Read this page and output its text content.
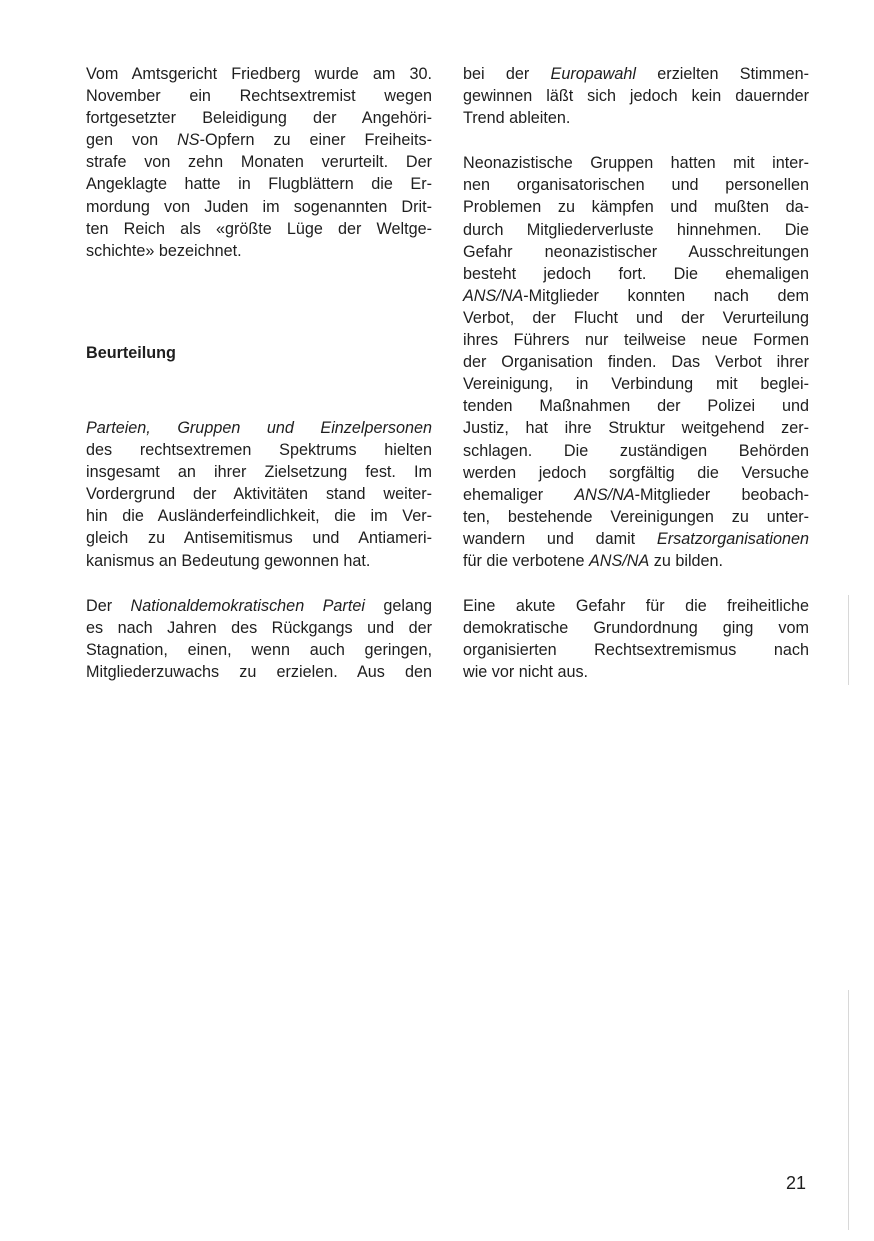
Vom Amtsgericht Friedberg wurde am 30.
November ein Rechtsextremist wegen
fortgesetzter Beleidigung der Angehöri-
gen von NS-Opfern zu einer Freiheits-
strafe von zehn Monaten verurteilt. Der
Angeklagte hatte in Flugblättern die Er-
mordung von Juden im sogenannten Drit-
ten Reich als «größte Lüge der Weltge-
schichte» bezeichnet.

Beurteilung

Parteien, Gruppen und Einzelpersonen
des rechtsextremen Spektrums hielten
insgesamt an ihrer Zielsetzung fest. Im
Vordergrund der Aktivitäten stand weiter-
hin die Ausländerfeindlichkeit, die im Ver-
gleich zu Antisemitismus und Antiameri-
kanismus an Bedeutung gewonnen hat.

Der Nationaldemokratischen Partei gelang
es nach Jahren des Rückgangs und der
Stagnation, einen, wenn auch geringen,
Mitgliederzuwachs zu erzielen. Aus den

bei der Europawahl erzielten Stimmen-
gewinnen läßt sich jedoch kein dauernder
Trend ableiten.

Neonazistische Gruppen hatten mit inter-
nen organisatorischen und personellen
Problemen zu kämpfen und mußten da-
durch Mitgliederverluste hinnehmen. Die
Gefahr neonazistischer Ausschreitungen
besteht jedoch fort. Die ehemaligen
ANS/NA-Mitglieder konnten nach dem
Verbot, der Flucht und der Verurteilung
ihres Führers nur teilweise neue Formen
der Organisation finden. Das Verbot ihrer
Vereinigung, in Verbindung mit beglei-
tenden Maßnahmen der Polizei und
Justiz, hat ihre Struktur weitgehend zer-
schlagen. Die zuständigen Behörden
werden jedoch sorgfältig die Versuche
ehemaliger ANS/NA-Mitglieder beobach-
ten, bestehende Vereinigungen zu unter-
wandern und damit Ersatzorganisationen
für die verbotene ANS/NA zu bilden.

Eine akute Gefahr für die freiheitliche
demokratische Grundordnung ging vom
organisierten Rechtsextremismus nach
wie vor nicht aus.

21
